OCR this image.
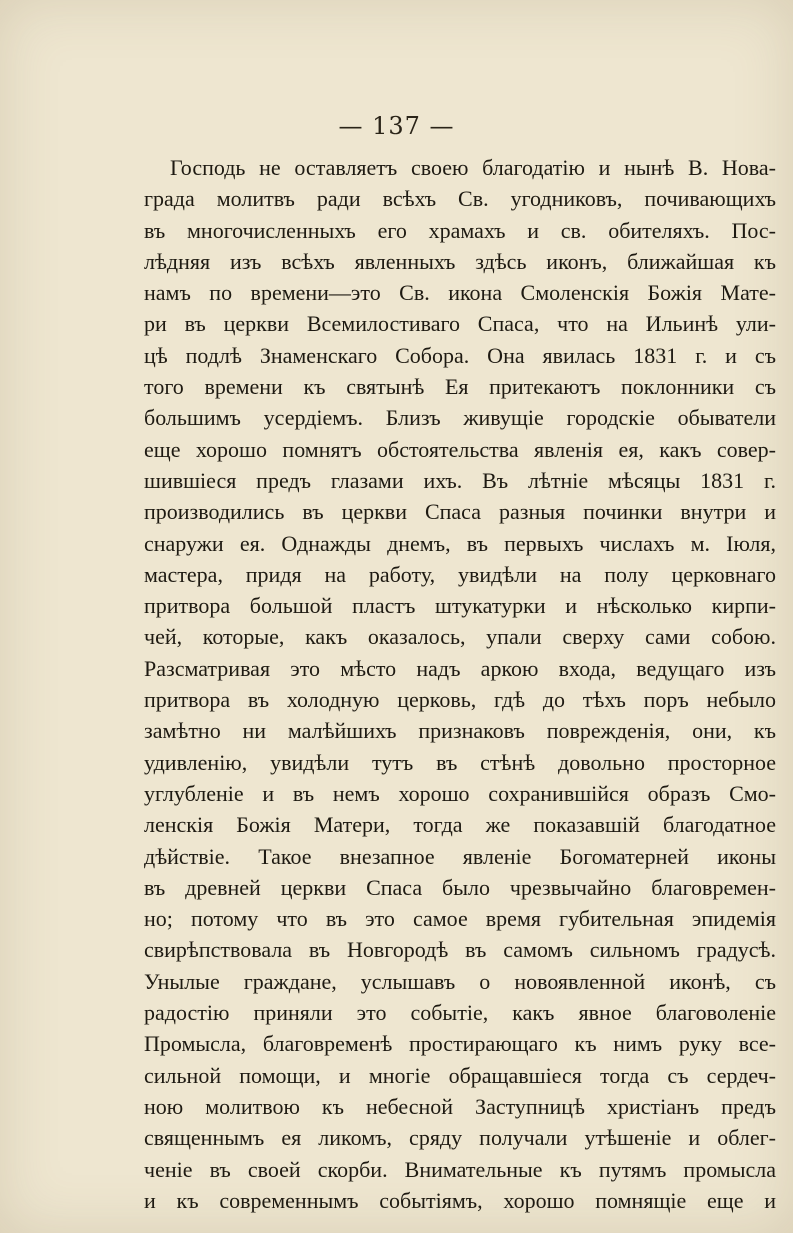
— 137 —
Господь не оставляетъ своею благодатію и нынѣ В. Нова-
града молитвъ ради всѣхъ Св. угодниковъ, почивающихъ
въ многочисленныхъ его храмахъ и св. обителяхъ. Пос-
лѣдняя изъ всѣхъ явленныхъ здѣсь иконъ, ближайшая къ
намъ по времени—это Св. икона Смоленскія Божія Мате-
ри въ церкви Всемилостиваго Спаса, что на Ильинѣ ули-
цѣ подлѣ Знаменскаго Собора. Она явилась 1831 г. и съ
того времени къ святынѣ Ея притекаютъ поклонники съ
большимъ усердіемъ. Близъ живущіе городскіе обыватели
еще хорошо помнятъ обстоятельства явленія ея, какъ совер-
шившіеся предъ глазами ихъ. Въ лѣтніе мѣсяцы 1831 г.
производились въ церкви Спаса разныя починки внутри и
снаружи ея. Однажды днемъ, въ первыхъ числахъ м. Іюля,
мастера, придя на работу, увидѣли на полу церковнаго
притвора большой пластъ штукатурки и нѣсколько кирпи-
чей, которые, какъ оказалось, упали сверху сами собою.
Разсматривая это мѣсто надъ аркою входа, ведущаго изъ
притвора въ холодную церковь, гдѣ до тѣхъ поръ небыло
замѣтно ни малѣйшихъ признаковъ поврежденія, они, къ
удивленію, увидѣли тутъ въ стѣнѣ довольно просторное
углубленіе и въ немъ хорошо сохранившійся образъ Смо-
ленскія Божія Матери, тогда же показавшій благодатное
дѣйствіе. Такое внезапное явленіе Богоматерней иконы
въ древней церкви Спаса было чрезвычайно благовремен-
но; потому что въ это самое время губительная эпидемія
свирѣпствовала въ Новгородѣ въ самомъ сильномъ градусѣ.
Унылые граждане, услышавъ о новоявленной иконѣ, съ
радостію приняли это событіе, какъ явное благоволеніе
Промысла, благовременѣ простирающаго къ нимъ руку все-
сильной помощи, и многіе обращавшіеся тогда съ сердеч-
ною молитвою къ небесной Заступницѣ христіанъ предъ
священнымъ ея ликомъ, сряду получали утѣшеніе и облег-
ченіе въ своей скорби. Внимательные къ путямъ промысла
и къ современнымъ событіямъ, хорошо помнящіе еще и
